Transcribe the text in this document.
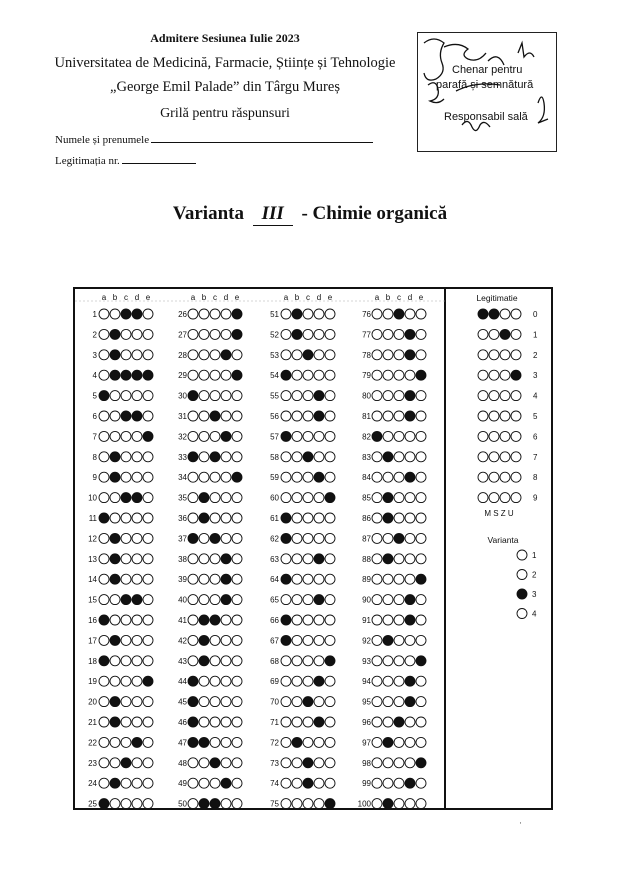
Admitere Sesiunea Iulie 2023
Universitatea de Medicină, Farmacie, Științe și Tehnologie
„George Emil Palade” din Târgu Mureș
Grilă pentru răspunsuri
Numele și prenumele
Legitimația nr.
Chenar pentru
parafă și semnătură
Responsabil sală
Varianta III - Chimie organică
a b c d e
1
2
3
4
5
6
7
8
9
10
11
12
13
14
15
16
17
18
19
20
21
22
23
24
25
a b c d e
26
27
28
29
30
31
32
33
34
35
36
37
38
39
40
41
42
43
44
45
46
47
48
49
50
a b c d e
51
52
53
54
55
56
57
58
59
60
61
62
63
64
65
66
67
68
69
70
71
72
73
74
75
a b c d e
76
77
78
79
80
81
82
83
84
85
86
87
88
89
90
91
92
93
94
95
96
97
98
99
100
Legitimatie
0
1
2
3
4
5
6
7
8
9
M S Z U
Varianta
1
2
3
4
·
